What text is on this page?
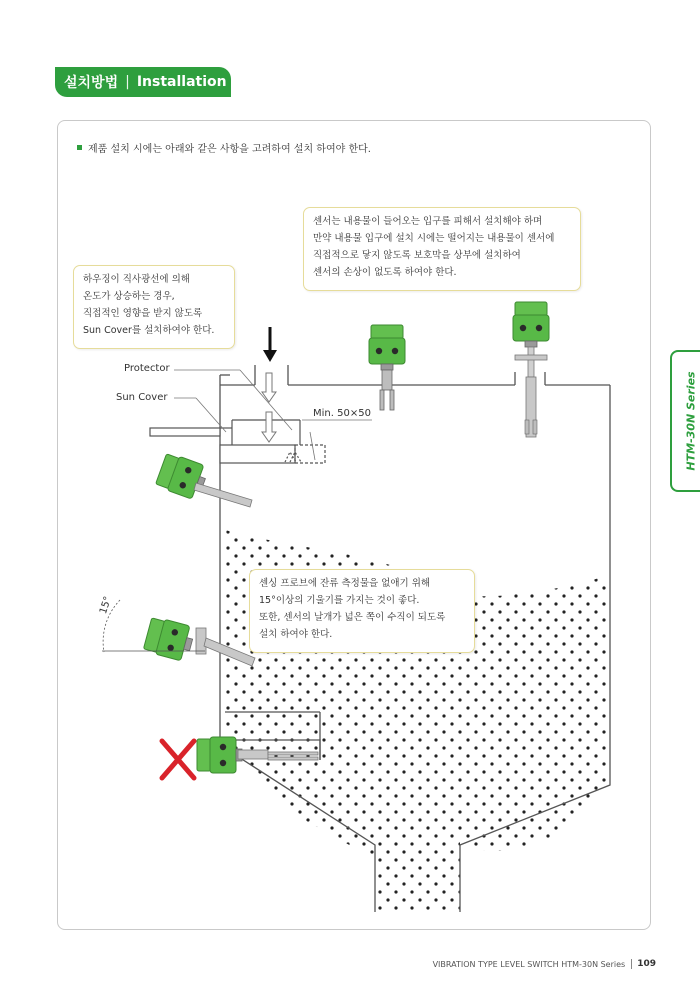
설치방법 | Installation
제품 설치 시에는 아래와 같은 사항을 고려하여 설치 하여야 한다.
Protector
Sun Cover
Min. 50×50
15°
센서는 내용물이 들어오는 입구를 피해서 설치해야 하며
만약 내용물 입구에 설치 시에는 떨어지는 내용물이 센서에
직접적으로 닿지 않도록 보호막을 상부에 설치하여
센서의 손상이 없도록 하여야 한다.
하우징이 직사광선에 의해
온도가 상승하는 경우,
직접적인 영향을 받지 않도록
Sun Cover를 설치하여야 한다.
센싱 프로브에 잔류 측정물을 없애기 위해
15°이상의 기울기를 가지는 것이 좋다.
또한, 센서의 날개가 넓은 쪽이 수직이 되도록
설치 하여야 한다.
HTM-30N Series
VIBRATION TYPE LEVEL SWITCH HTM-30N Series	109
